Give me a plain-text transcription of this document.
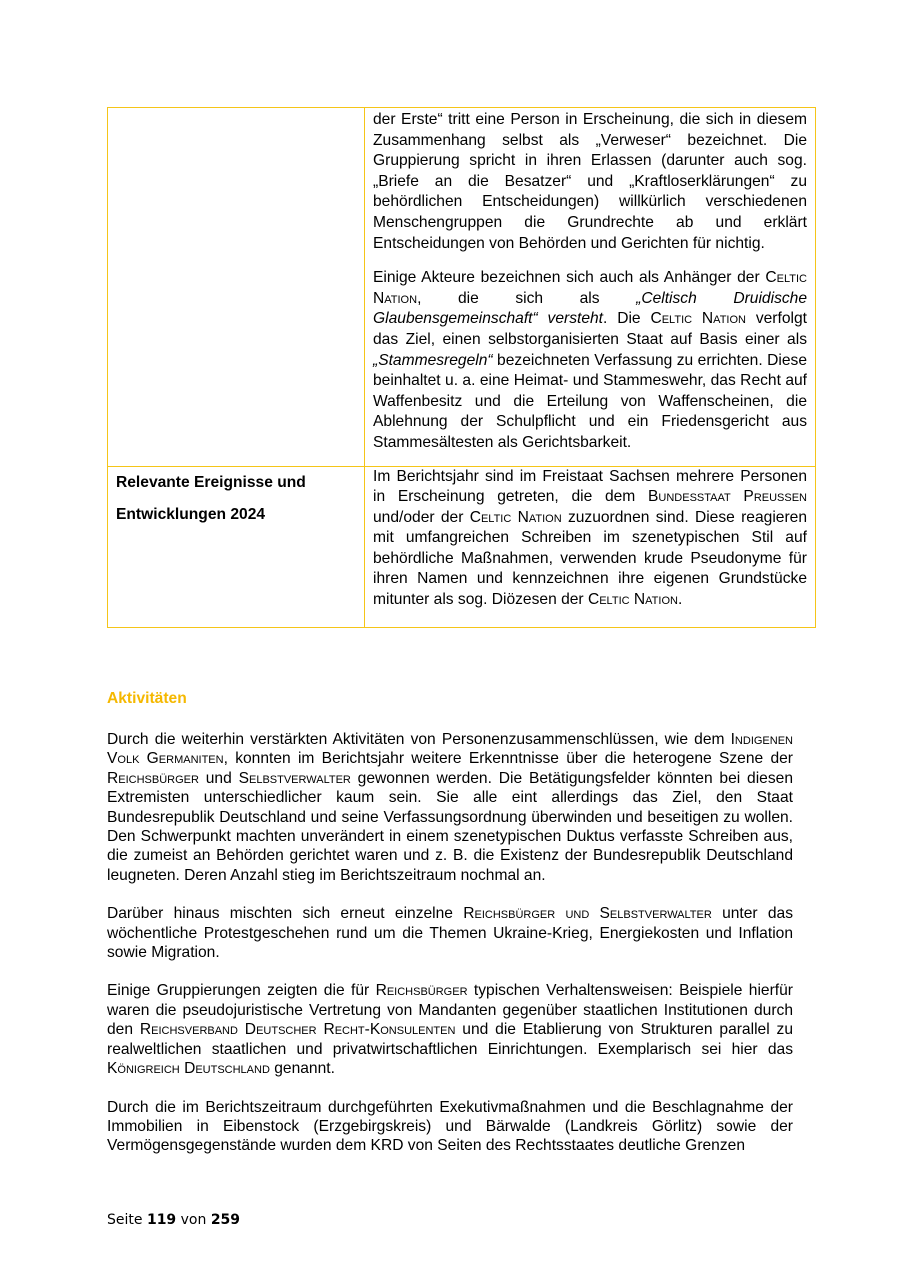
	der Erste“ tritt eine Person in Erscheinung, die sich in diesem Zusammenhang selbst als „Verweser“ bezeichnet. Die Gruppierung spricht in ihren Erlassen (darunter auch sog. „Briefe an die Besatzer“ und „Kraftloserklärungen“ zu behördlichen Entscheidungen) willkürlich verschiedenen Menschengruppen die Grundrechte ab und erklärt Entscheidungen von Behörden und Gerichten für nichtig.

Einige Akteure bezeichnen sich auch als Anhänger der Celtic Nation, die sich als „Celtisch Druidische Glaubensgemeinschaft“ versteht. Die Celtic Nation verfolgt das Ziel, einen selbstorganisierten Staat auf Basis einer als „Stammesregeln“ bezeichneten Verfassung zu errichten. Diese beinhaltet u. a. eine Heimat- und Stammeswehr, das Recht auf Waffenbesitz und die Erteilung von Waffenscheinen, die Ablehnung der Schulpflicht und ein Friedensgericht aus Stammesältesten als Gerichtsbarkeit.

Relevante Ereignisse und
Entwicklungen 2024	Im Berichtsjahr sind im Freistaat Sachsen mehrere Personen in Erscheinung getreten, die dem Bundesstaat Preußen und/oder der Celtic Nation zuzuordnen sind. Diese reagieren mit umfangreichen Schreiben im szenetypischen Stil auf behördliche Maßnahmen, verwenden krude Pseudonyme für ihren Namen und kennzeichnen ihre eigenen Grundstücke mitunter als sog. Diözesen der Celtic Nation.

Aktivitäten

Durch die weiterhin verstärkten Aktivitäten von Personenzusammenschlüssen, wie dem Indigenen Volk Germaniten, konnten im Berichtsjahr weitere Erkenntnisse über die heterogene Szene der Reichsbürger und Selbstverwalter gewonnen werden. Die Betätigungsfelder könnten bei diesen Extremisten unterschiedlicher kaum sein. Sie alle eint allerdings das Ziel, den Staat Bundesrepublik Deutschland und seine Verfassungsordnung überwinden und beseitigen zu wollen. Den Schwerpunkt machten unverändert in einem szenetypischen Duktus verfasste Schreiben aus, die zumeist an Behörden gerichtet waren und z. B. die Existenz der Bundesrepublik Deutschland leugneten. Deren Anzahl stieg im Berichtszeitraum nochmal an.

Darüber hinaus mischten sich erneut einzelne Reichsbürger und Selbstverwalter unter das wöchentliche Protestgeschehen rund um die Themen Ukraine-Krieg, Energiekosten und Inflation sowie Migration.

Einige Gruppierungen zeigten die für Reichsbürger typischen Verhaltensweisen: Beispiele hierfür waren die pseudojuristische Vertretung von Mandanten gegenüber staatlichen Institutionen durch den Reichsverband Deutscher Recht-Konsulenten und die Etablierung von Strukturen parallel zu realweltlichen staatlichen und privatwirtschaftlichen Einrichtungen. Exemplarisch sei hier das Königreich Deutschland genannt.

Durch die im Berichtszeitraum durchgeführten Exekutivmaßnahmen und die Beschlagnahme der Immobilien in Eibenstock (Erzgebirgskreis) und Bärwalde (Landkreis Görlitz) sowie der Vermögensgegenstände wurden dem KRD von Seiten des Rechtsstaates deutliche Grenzen

Seite 119 von 259
